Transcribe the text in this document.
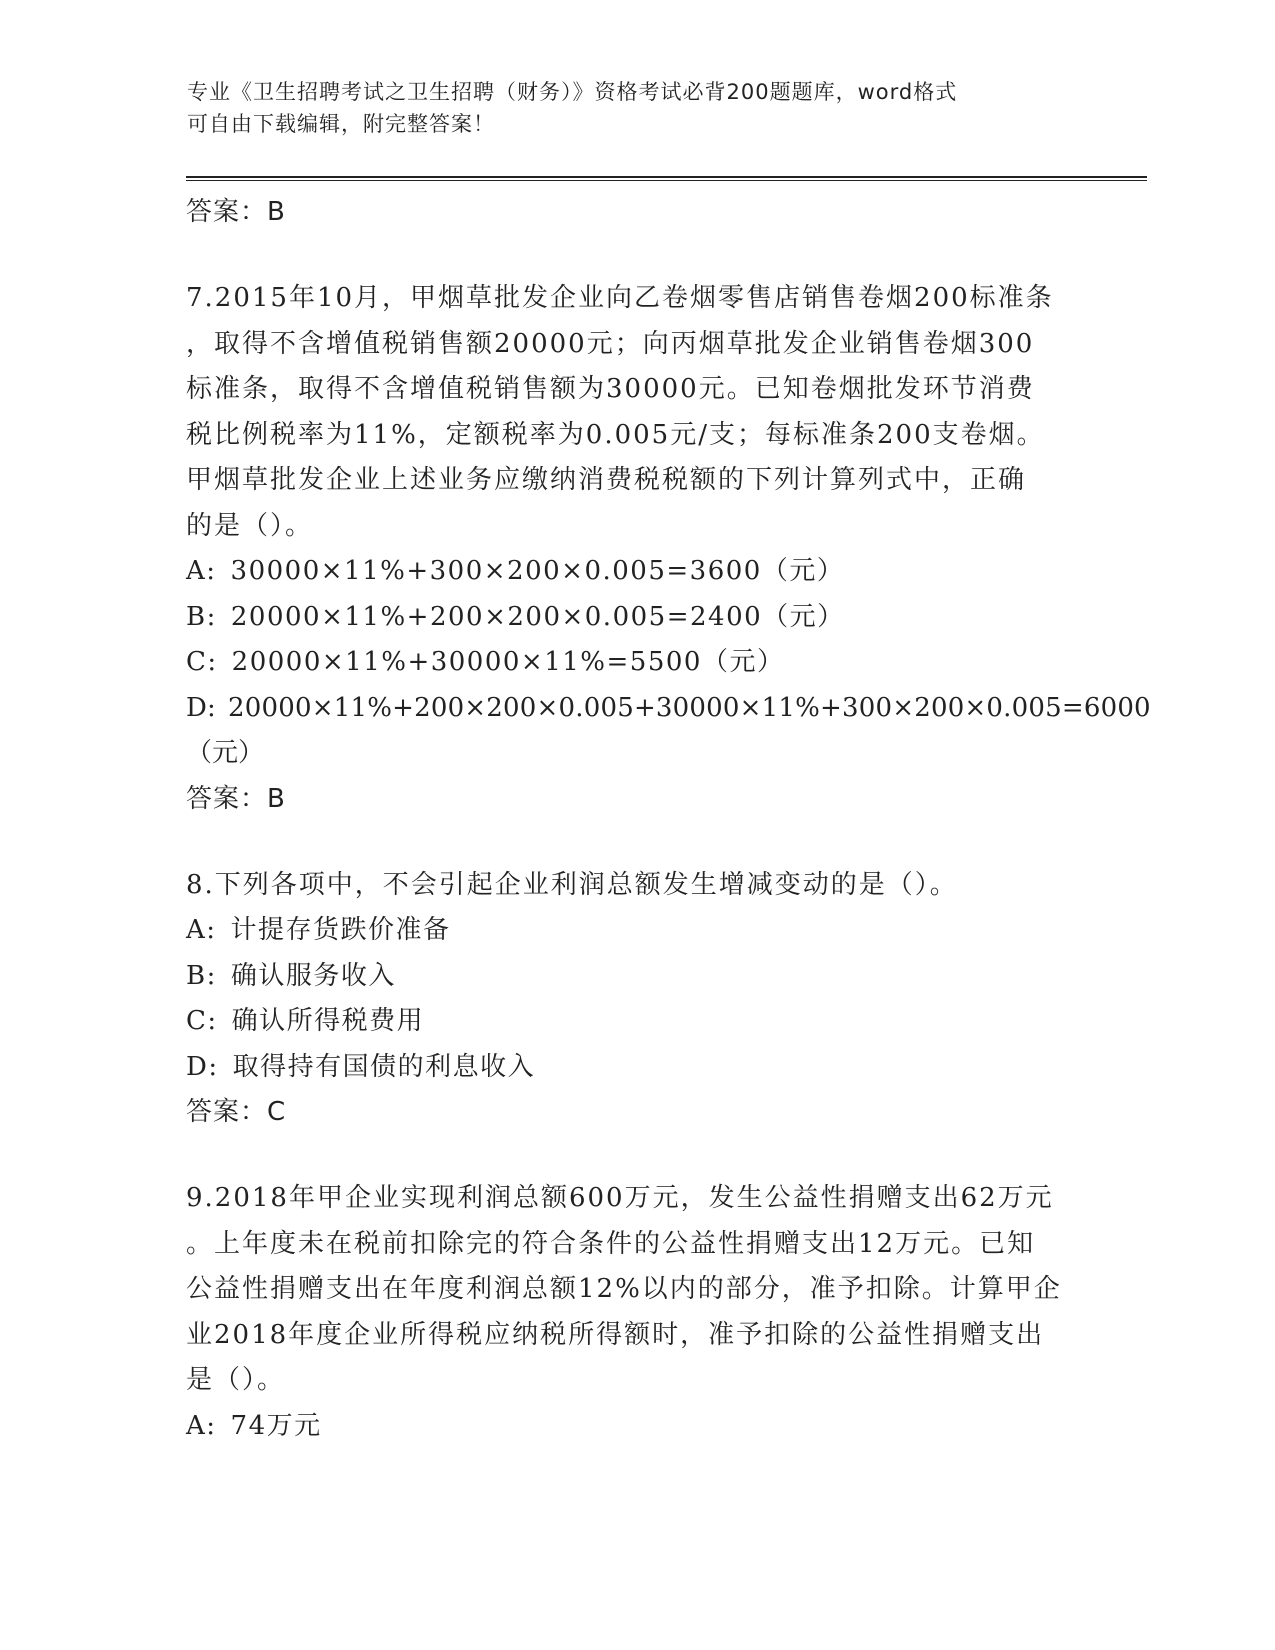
专业《卫生招聘考试之卫生招聘（财务）》资格考试必背200题题库，word格式
可自由下载编辑，附完整答案！
答案：B
7.2015年10月，甲烟草批发企业向乙卷烟零售店销售卷烟200标准条
，取得不含增值税销售额20000元；向丙烟草批发企业销售卷烟300
标准条，取得不含增值税销售额为30000元。已知卷烟批发环节消费
税比例税率为11%，定额税率为0.005元/支；每标准条200支卷烟。
甲烟草批发企业上述业务应缴纳消费税税额的下列计算列式中，正确
的是（）。
A: 30000×11%+300×200×0.005=3600（元）
B: 20000×11%+200×200×0.005=2400（元）
C: 20000×11%+30000×11%=5500（元）
D: 20000×11%+200×200×0.005+30000×11%+300×200×0.005=6000
（元）
答案：B
8.下列各项中，不会引起企业利润总额发生增减变动的是（）。
A: 计提存货跌价准备
B: 确认服务收入
C: 确认所得税费用
D: 取得持有国债的利息收入
答案：C
9.2018年甲企业实现利润总额600万元，发生公益性捐赠支出62万元
。上年度未在税前扣除完的符合条件的公益性捐赠支出12万元。已知
公益性捐赠支出在年度利润总额12%以内的部分，准予扣除。计算甲企
业2018年度企业所得税应纳税所得额时，准予扣除的公益性捐赠支出
是（）。
A: 74万元
